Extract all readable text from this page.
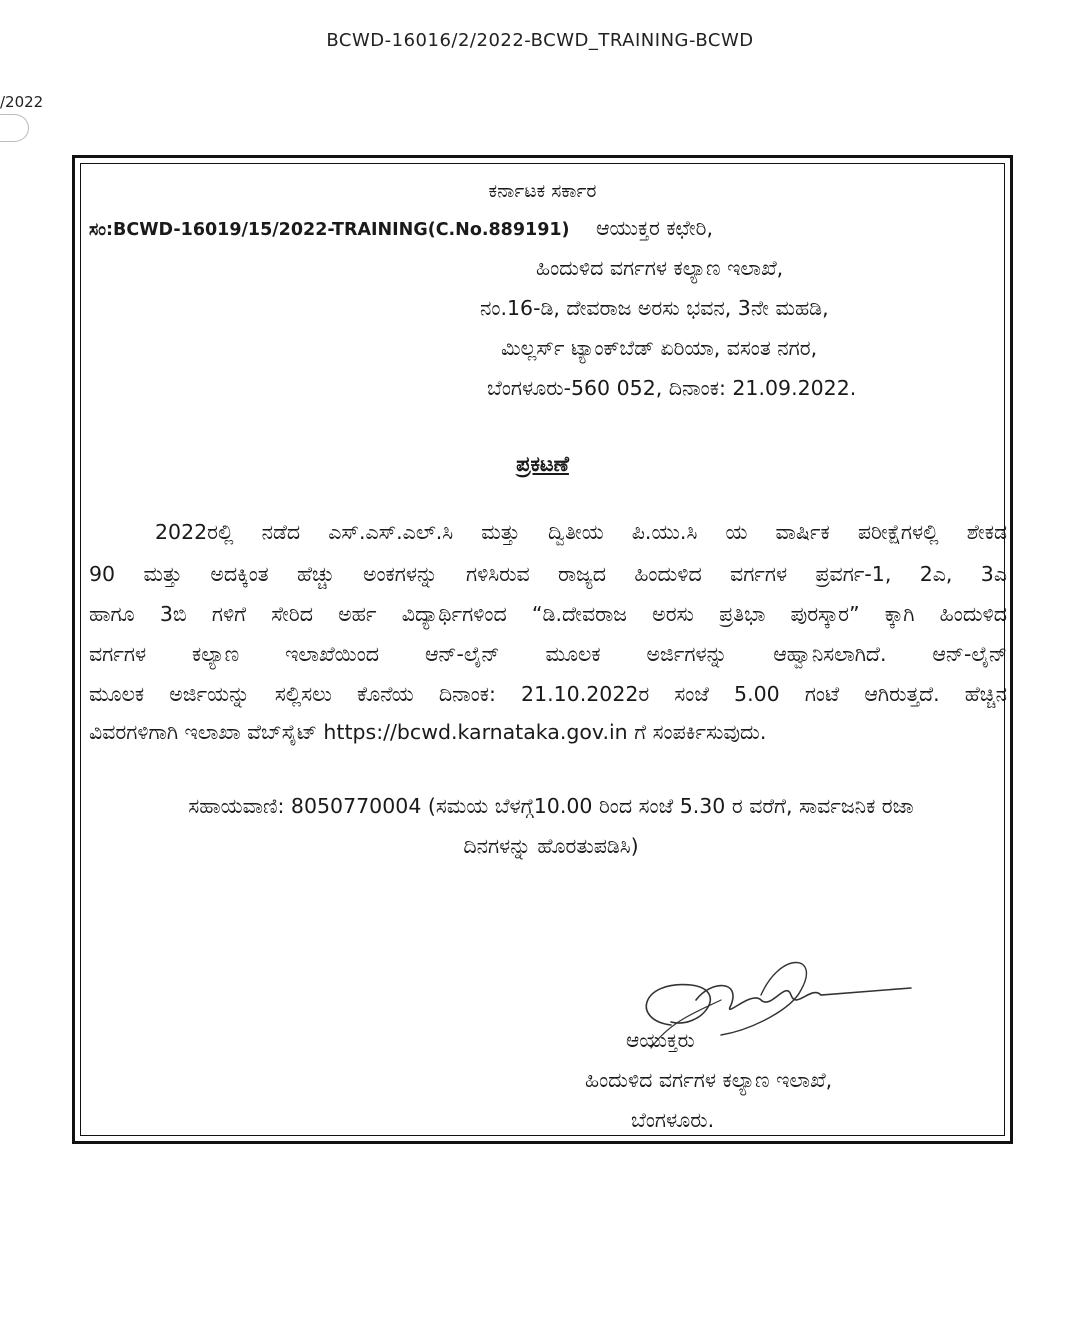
BCWD-16016/2/2022-BCWD_TRAINING-BCWD
/2022
ಕರ್ನಾಟಕ ಸರ್ಕಾರ
ಸಂ:BCWD-16019/15/2022-TRAINING(C.No.889191) ಆಯುಕ್ತರ ಕಛೇರಿ,
ಹಿಂದುಳಿದ ವರ್ಗಗಳ ಕಲ್ಯಾಣ ಇಲಾಖೆ,
ನಂ.16-ಡಿ, ದೇವರಾಜ ಅರಸು ಭವನ, 3ನೇ ಮಹಡಿ,
ಮಿಲ್ಲರ್ಸ್ ಟ್ಯಾಂಕ್‌ಬೆಡ್ ಏರಿಯಾ, ವಸಂತ ನಗರ,
ಬೆಂಗಳೂರು-560 052, ದಿನಾಂಕ: 21.09.2022.
ಪ್ರಕಟಣೆ
2022ರಲ್ಲಿ ನಡೆದ ಎಸ್.ಎಸ್.ಎಲ್.ಸಿ ಮತ್ತು ದ್ವಿತೀಯ ಪಿ.ಯು.ಸಿ ಯ ವಾರ್ಷಿಕ ಪರೀಕ್ಷೆಗಳಲ್ಲಿ ಶೇಕಡ
90 ಮತ್ತು ಅದಕ್ಕಿಂತ ಹೆಚ್ಚು ಅಂಕಗಳನ್ನು ಗಳಿಸಿರುವ ರಾಜ್ಯದ ಹಿಂದುಳಿದ ವರ್ಗಗಳ ಪ್ರವರ್ಗ-1, 2ಎ, 3ಎ
ಹಾಗೂ 3ಬಿ ಗಳಿಗೆ ಸೇರಿದ ಅರ್ಹ ವಿದ್ಯಾರ್ಥಿಗಳಿಂದ “ಡಿ.ದೇವರಾಜ ಅರಸು ಪ್ರತಿಭಾ ಪುರಸ್ಕಾರ” ಕ್ಕಾಗಿ ಹಿಂದುಳಿದ
ವರ್ಗಗಳ ಕಲ್ಯಾಣ ಇಲಾಖೆಯಿಂದ ಆನ್-ಲೈನ್ ಮೂಲಕ ಅರ್ಜಿಗಳನ್ನು ಆಹ್ವಾನಿಸಲಾಗಿದೆ. ಆನ್-ಲೈನ್
ಮೂಲಕ ಅರ್ಜಿಯನ್ನು ಸಲ್ಲಿಸಲು ಕೊನೆಯ ದಿನಾಂಕ: 21.10.2022ರ ಸಂಜೆ 5.00 ಗಂಟೆ ಆಗಿರುತ್ತದೆ. ಹೆಚ್ಚಿನ
ವಿವರಗಳಿಗಾಗಿ ಇಲಾಖಾ ವೆಬ್‌ಸೈಟ್ https://bcwd.karnataka.gov.in ಗೆ ಸಂಪರ್ಕಿಸುವುದು.
ಸಹಾಯವಾಣಿ: 8050770004 (ಸಮಯ ಬೆಳಗ್ಗೆ10.00 ರಿಂದ ಸಂಜೆ 5.30 ರ ವರೆಗೆ, ಸಾರ್ವಜನಿಕ ರಜಾ
ದಿನಗಳನ್ನು ಹೊರತುಪಡಿಸಿ)
ಆಯುಕ್ತರು
ಹಿಂದುಳಿದ ವರ್ಗಗಳ ಕಲ್ಯಾಣ ಇಲಾಖೆ,
ಬೆಂಗಳೂರು.
